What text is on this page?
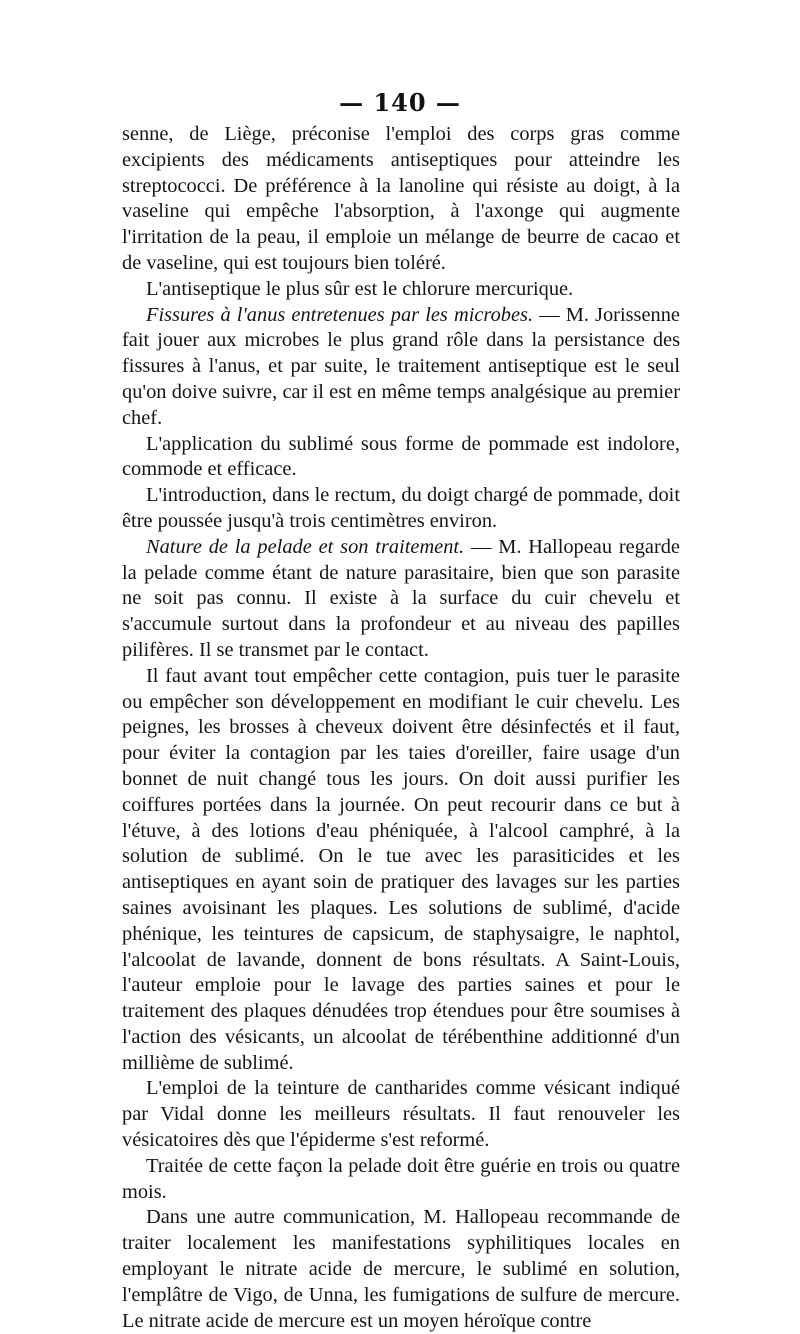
— 140 —

senne, de Liège, préconise l'emploi des corps gras comme excipients des médicaments antiseptiques pour atteindre les streptococci. De préférence à la lanoline qui résiste au doigt, à la vaseline qui empêche l'absorption, à l'axonge qui augmente l'irritation de la peau, il emploie un mélange de beurre de cacao et de vaseline, qui est toujours bien toléré.

L'antiseptique le plus sûr est le chlorure mercurique.

Fissures à l'anus entretenues par les microbes. — M. Jorissenne fait jouer aux microbes le plus grand rôle dans la persistance des fissures à l'anus, et par suite, le traitement antiseptique est le seul qu'on doive suivre, car il est en même temps analgésique au premier chef.

L'application du sublimé sous forme de pommade est indolore, commode et efficace.

L'introduction, dans le rectum, du doigt chargé de pommade, doit être poussée jusqu'à trois centimètres environ.

Nature de la pelade et son traitement. — M. Hallopeau regarde la pelade comme étant de nature parasitaire, bien que son parasite ne soit pas connu. Il existe à la surface du cuir chevelu et s'accumule surtout dans la profondeur et au niveau des papilles pilifères. Il se transmet par le contact.

Il faut avant tout empêcher cette contagion, puis tuer le parasite ou empêcher son développement en modifiant le cuir chevelu. Les peignes, les brosses à cheveux doivent être désinfectés et il faut, pour éviter la contagion par les taies d'oreiller, faire usage d'un bonnet de nuit changé tous les jours. On doit aussi purifier les coiffures portées dans la journée. On peut recourir dans ce but à l'étuve, à des lotions d'eau phéniquée, à l'alcool camphré, à la solution de sublimé. On le tue avec les parasiticides et les antiseptiques en ayant soin de pratiquer des lavages sur les parties saines avoisinant les plaques. Les solutions de sublimé, d'acide phénique, les teintures de capsicum, de staphysaigre, le naphtol, l'alcoolat de lavande, donnent de bons résultats. A Saint-Louis, l'auteur emploie pour le lavage des parties saines et pour le traitement des plaques dénudées trop étendues pour être soumises à l'action des vésicants, un alcoolat de térébenthine additionné d'un millième de sublimé.

L'emploi de la teinture de cantharides comme vésicant indiqué par Vidal donne les meilleurs résultats. Il faut renouveler les vésicatoires dès que l'épiderme s'est reformé.

Traitée de cette façon la pelade doit être guérie en trois ou quatre mois.

Dans une autre communication, M. Hallopeau recommande de traiter localement les manifestations syphilitiques locales en employant le nitrate acide de mercure, le sublimé en solution, l'emplâtre de Vigo, de Unna, les fumigations de sulfure de mercure. Le nitrate acide de mercure est un moyen héroïque contre
